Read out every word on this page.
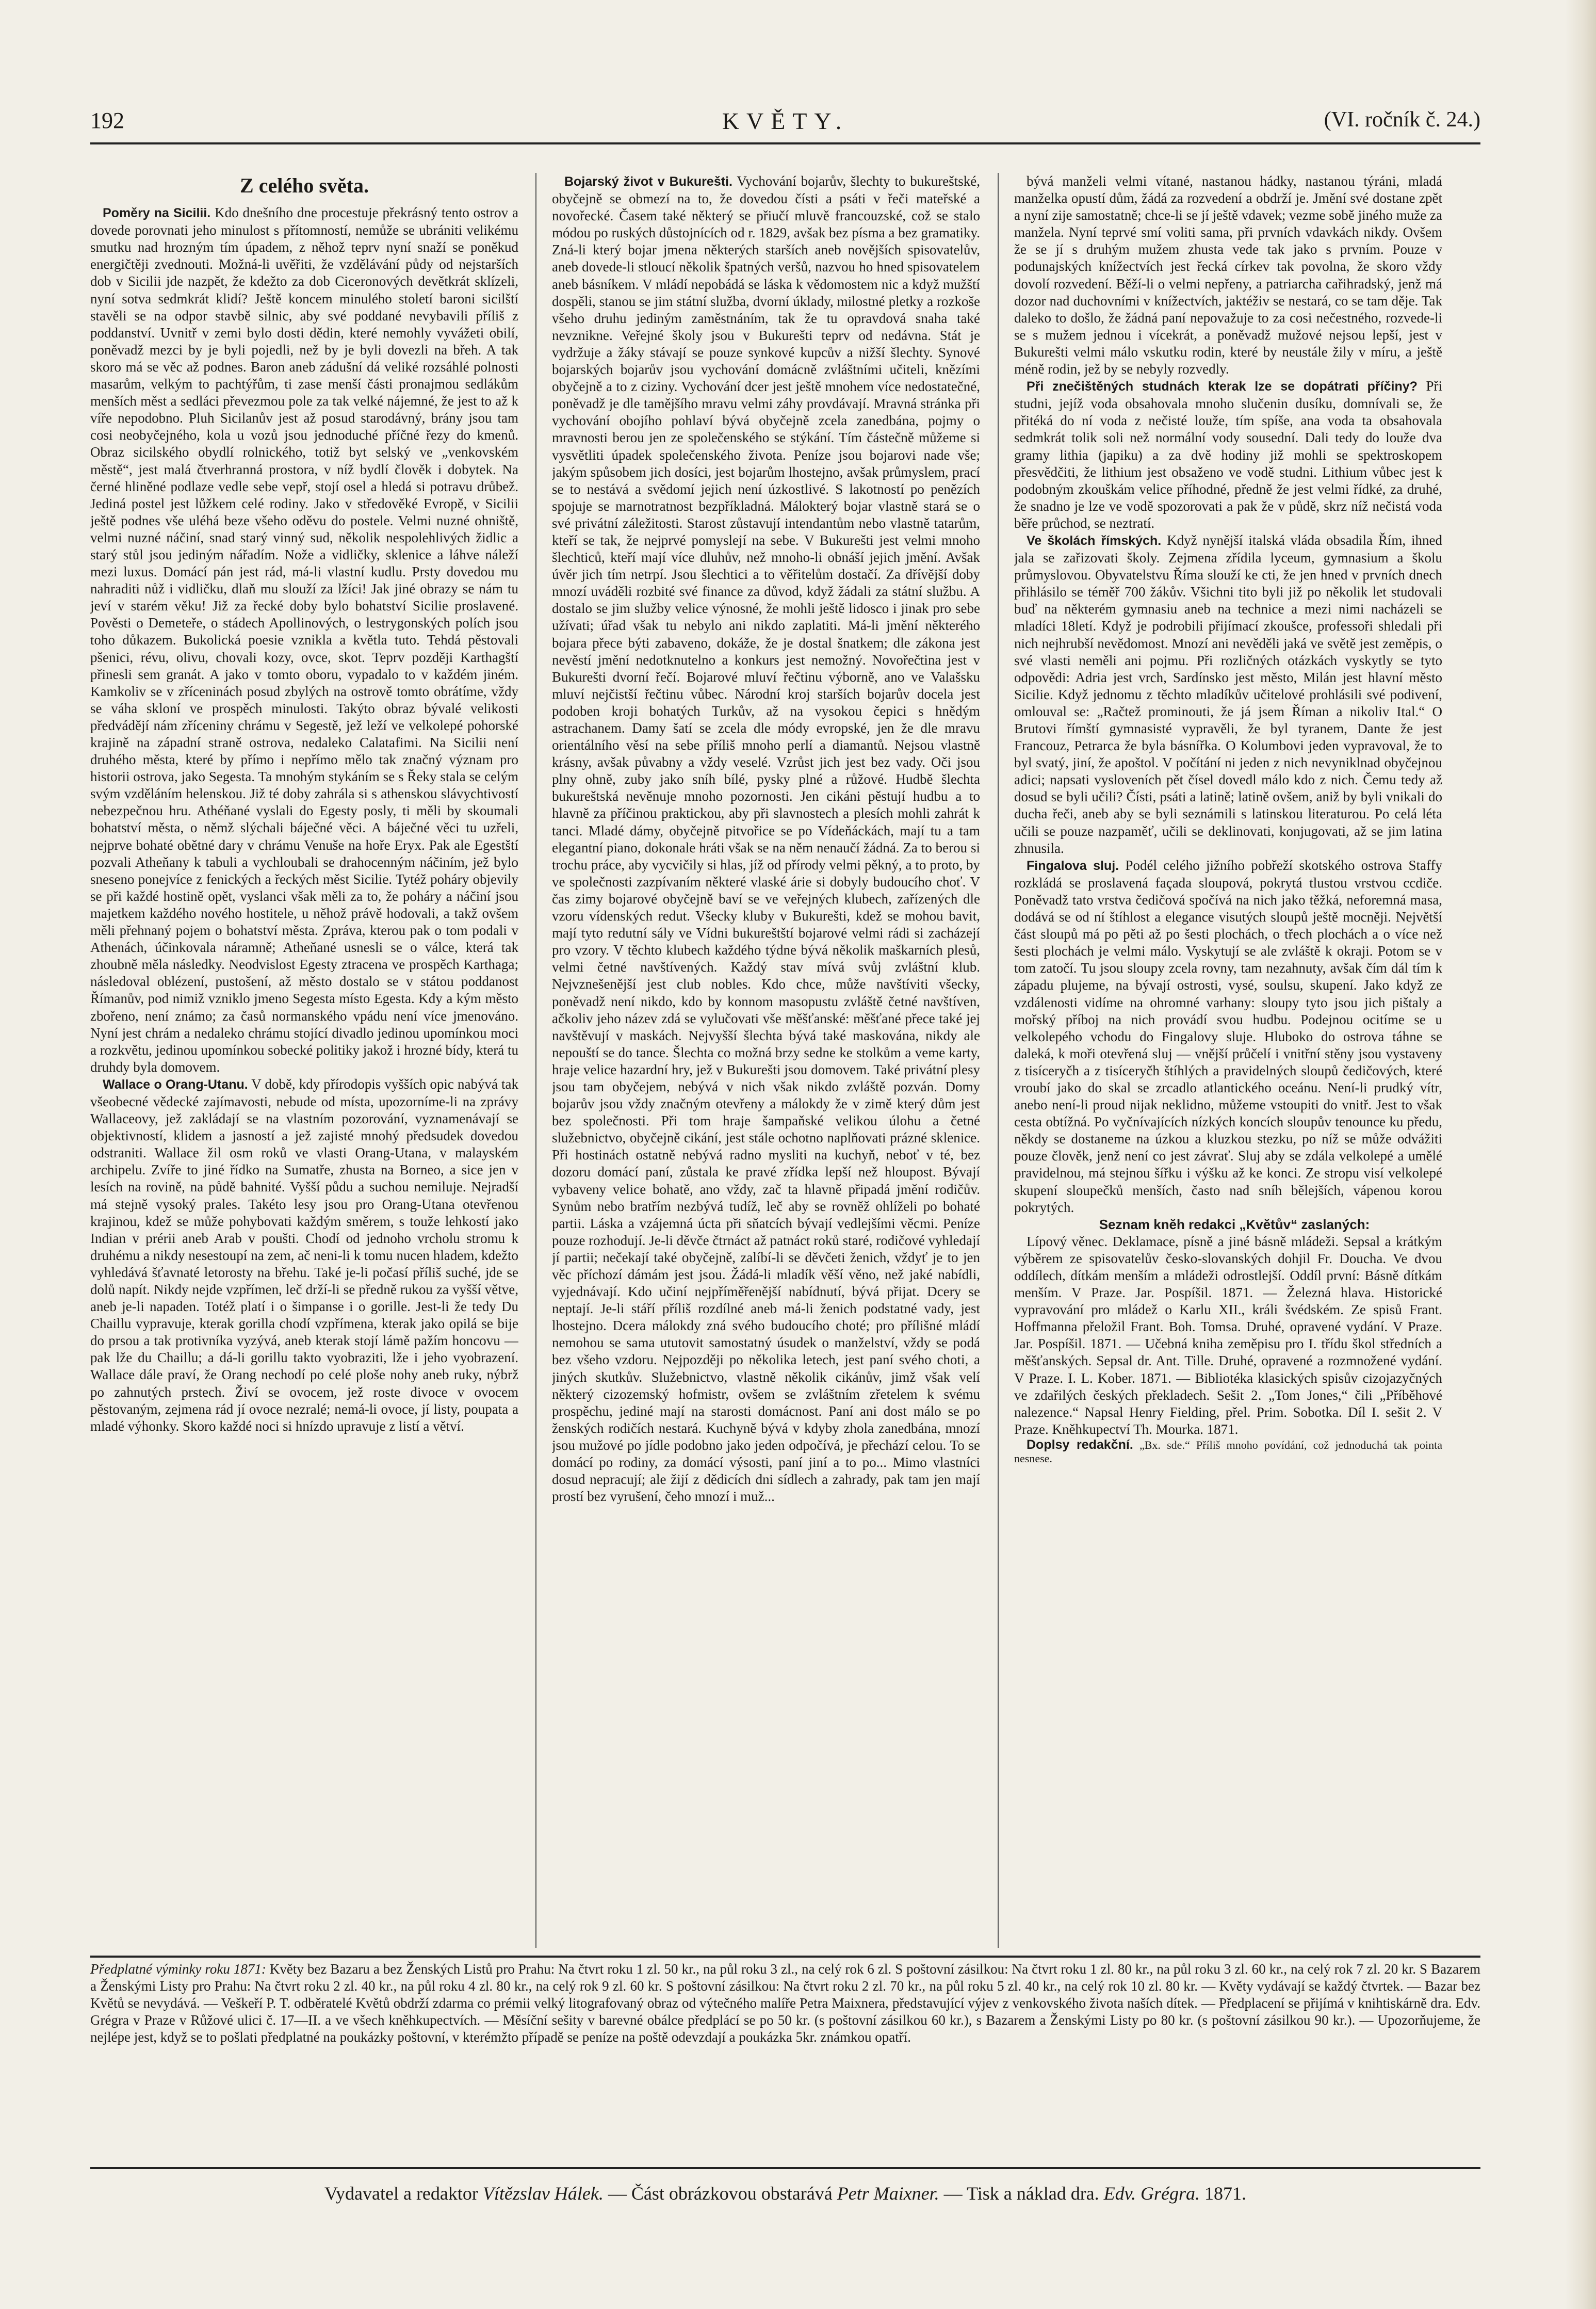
192	KVĚTY.	(VI. ročník č. 24.)

Z celého světa.

Poměry na Sicilii. Kdo dnešního dne procestuje překrásný tento ostrov a dovede porovnati jeho minulost s přítomností, nemůže se ubrániti velikému smutku nad hrozným tím úpadem, z něhož teprv nyní snaží se poněkud energičtěji zvednouti. Možná-li uvěřiti, že vzdělávání půdy od nejstarších dob v Sicilii jde nazpět, že kdežto za dob Ciceronových devětkrát sklízeli, nyní sotva sedmkrát klidí? Ještě koncem minulého století baroni sicilští stavěli se na odpor stavbě silnic, aby své poddané nevybavili příliš z poddanství. Uvnitř v zemi bylo dosti dědin, které nemohly vyvážeti obilí, poněvadž mezci by je byli pojedli, než by je byli dovezli na břeh. A tak skoro má se věc až podnes. Baron aneb zádušní dá veliké rozsáhlé polnosti masarům, velkým to pachtýřům, ti zase menší části pronajmou sedlákům menších měst a sedláci převezmou pole za tak velké nájemné, že jest to až k víře nepodobno. Pluh Sicilanův jest až posud starodávný, brány jsou tam cosi neobyčejného, kola u vozů jsou jednoduché příčné řezy do kmenů. Obraz sicilského obydlí rolnického, totiž byt selský ve „venkovském městě“, jest malá čtverhranná prostora, v níž bydlí člověk i dobytek. Na černé hliněné podlaze vedle sebe vepř, stojí osel a hledá si potravu drůbež. Jediná postel jest lůžkem celé rodiny. Jako v středověké Evropě, v Sicilii ještě podnes vše uléhá beze všeho oděvu do postele. Velmi nuzné ohniště, velmi nuzné náčiní, snad starý vinný sud, několik nespolehlivých židlic a starý stůl jsou jediným nářadím. Nože a vidličky, sklenice a láhve náleží mezi luxus. Domácí pán jest rád, má-li vlastní kudlu. Prsty dovedou mu nahraditi nůž i vidličku, dlaň mu slouží za lžíci! Jak jiné obrazy se nám tu jeví v starém věku! Již za řecké doby bylo bohatství Sicilie proslavené. Pověsti o Demeteře, o stádech Apollinových, o lestrygonských polích jsou toho důkazem. Bukolická poesie vznikla a květla tuto. Tehdá pěstovali pšenici, révu, olivu, chovali kozy, ovce, skot. Teprv později Karthagští přinesli sem granát. A jako v tomto oboru, vypadalo to v každém jiném. Kamkoliv se v zříceninách posud zbylých na ostrově tomto obrátíme, vždy se váha skloní ve prospěch minulosti. Takýto obraz bývalé velikosti předvádějí nám zříceniny chrámu v Segestě, jež leží ve velkolepé pohorské krajině na západní straně ostrova, nedaleko Calatafimi. Na Sicilii není druhého města, které by přímo i nepřímo mělo tak značný význam pro historii ostrova, jako Segesta. Ta mnohým stykáním se s Řeky stala se celým svým vzděláním helenskou. Již té doby zahrála si s athenskou slávychtivostí nebezpečnou hru. Athéňané vyslali do Egesty posly, ti měli by skoumali bohatství města, o němž slýchali báječné věci. A báječné věci tu uzřeli, nejprve bohaté obětné dary v chrámu Venuše na hoře Eryx. Pak ale Egestští pozvali Atheňany k tabuli a vychloubali se drahocenným náčiním, jež bylo sneseno ponejvíce z fenických a řeckých měst Sicilie. Tytéž poháry objevily se při každé hostině opět, vyslanci však měli za to, že poháry a náčiní jsou majetkem každého nového hostitele, u něhož právě hodovali, a takž ovšem měli přehnaný pojem o bohatství města. Zpráva, kterou pak o tom podali v Athenách, účinkovala náramně; Atheňané usnesli se o válce, která tak zhoubně měla následky. Neodvislost Egesty ztracena ve prospěch Karthaga; následoval oblézení, pustošení, až město dostalo se v státou poddanost Římanův, pod nimiž vzniklo jmeno Segesta místo Egesta. Kdy a kým město zbořeno, není známo; za časů normanského vpádu není více jmenováno. Nyní jest chrám a nedaleko chrámu stojící divadlo jedinou upomínkou moci a rozkvětu, jedinou upomínkou sobecké politiky jakož i hrozné bídy, která tu druhdy byla domovem.

Wallace o Orang-Utanu. V době, kdy přírodopis vyšších opic nabývá tak všeobecné vědecké zajímavosti, nebude od místa, upozorníme-li na zprávy Wallaceovy, jež zakládají se na vlastním pozorování, vyznamenávají se objektivností, klidem a jasností a jež zajisté mnohý předsudek dovedou odstraniti. Wallace žil osm roků ve vlasti Orang-Utana, v malayském archipelu. Zvíře to jiné řídko na Sumatře, zhusta na Borneo, a sice jen v lesích na rovině, na půdě bahnité. Vyšší půdu a suchou nemiluje. Nejradší má stejně vysoký prales. Takéto lesy jsou pro Orang-Utana otevřenou krajinou, kdež se může pohybovati každým směrem, s touže lehkostí jako Indian v prérii aneb Arab v poušti. Chodí od jednoho vrcholu stromu k druhému a nikdy nesestoupí na zem, ač neni-li k tomu nucen hladem, kdežto vyhledává šťavnaté letorosty na břehu. Také je-li počasí příliš suché, jde se dolů napít. Nikdy nejde vzpřímen, leč drží-li se předně rukou za vyšší větve, aneb je-li napaden. Totéž platí i o šimpanse i o gorille. Jest-li že tedy Du Chaillu vypravuje, kterak gorilla chodí vzpřímena, kterak jako opilá se bije do prsou a tak protivníka vyzývá, aneb kterak stojí lámě pažím honcovu — pak lže du Chaillu; a dá-li gorillu takto vyobraziti, lže i jeho vyobrazení. Wallace dále praví, že Orang nechodí po celé ploše nohy aneb ruky, nýbrž po zahnutých prstech. Živí se ovocem, jež roste divoce v ovocem pěstovaným, zejmena rád jí ovoce nezralé; nemá-li ovoce, jí listy, poupata a mladé výhonky. Skoro každé noci si hnízdo upravuje z listí a větví.

Bojarský život v Bukurešti. Vychování bojarův, šlechty to bukureštské, obyčejně se obmezí na to, že dovedou čísti a psáti v řeči mateřské a novořecké. Časem také některý se přiučí mluvě francouzské, což se stalo módou po ruských důstojnících od r. 1829, avšak bez písma a bez gramatiky. Zná-li který bojar jmena některých starších aneb novějších spisovatelův, aneb dovede-li stloucí několik špatných veršů, nazvou ho hned spisovatelem aneb básníkem. V mládí nepobádá se láska k vědomostem nic a když mužští dospěli, stanou se jim státní služba, dvorní úklady, milostné pletky a rozkoše všeho druhu jediným zaměstnáním, tak že tu opravdová snaha také nevznikne. Veřejné školy jsou v Bukurešti teprv od nedávna. Stát je vydržuje a žáky stávají se pouze synkové kupcův a nižší šlechty. Synové bojarských bojarův jsou vychování domácně zvláštními učiteli, knězími obyčejně a to z ciziny. Vychování dcer jest ještě mnohem více nedostatečné, poněvadž je dle tamějšího mravu velmi záhy provdávají. Mravná stránka při vychování obojího pohlaví bývá obyčejně zcela zanedbána, pojmy o mravnosti berou jen ze společenského se stýkání. Tím částečně můžeme si vysvětliti úpadek společenského života. Peníze jsou bojarovi nade vše; jakým spůsobem jich dosíci, jest bojarům lhostejno, avšak průmyslem, prací se to nestává a svědomí jejich není úzkostlivé. S lakotností po penězích spojuje se marnotratnost bezpříkladná. Málokterý bojar vlastně stará se o své privátní záležitosti. Starost zůstavují intendantům nebo vlastně tatarům, kteří se tak, že nejprvé pomyslejí na sebe. V Bukurešti jest velmi mnoho šlechticů, kteří mají více dluhův, než mnoho-li obnáší jejich jmění. Avšak úvěr jich tím netrpí. Jsou šlechtici a to věřitelům dostačí. Za dřívější doby mnozí uváděli rozbité své finance za důvod, když žádali za státní službu. A dostalo se jim služby velice výnosné, že mohli ještě lidosco i jinak pro sebe užívati; úřad však tu nebylo ani nikdo zaplatiti. Má-li jmění některého bojara přece býti zabaveno, dokáže, že je dostal šnatkem; dle zákona jest nevěstí jmění nedotknutelno a konkurs jest nemožný. Novořečtina jest v Bukurešti dvorní řečí. Bojarové mluví řečtinu výborně, ano ve Valašsku mluví nejčistší řečtinu vůbec. Národní kroj starších bojarův docela jest podoben kroji bohatých Turkův, až na vysokou čepici s hnědým astrachanem. Damy šatí se zcela dle módy evropské, jen že dle mravu orientálního věsí na sebe příliš mnoho perlí a diamantů. Nejsou vlastně krásny, avšak půvabny a vždy veselé. Vzrůst jich jest bez vady. Oči jsou plny ohně, zuby jako sníh bílé, pysky plné a růžové. Hudbě šlechta bukureštská nevěnuje mnoho pozornosti. Jen cikáni pěstují hudbu a to hlavně za příčinou praktickou, aby při slavnostech a plesích mohli zahrát k tanci. Mladé dámy, obyčejně pitvořice se po Vídeňáckách, mají tu a tam elegantní piano, dokonale hráti však se na něm nenaučí žádná. Za to berou si trochu práce, aby vycvičily si hlas, jíž od přírody velmi pěkný, a to proto, by ve společnosti zazpívaním některé vlaské árie si dobyly budoucího choť. V čas zimy bojarové obyčejně baví se ve veřejných klubech, zařízených dle vzoru vídenských redut. Všecky kluby v Bukurešti, kdež se mohou bavit, mají tyto redutní sály ve Vídni bukureštští bojarové velmi rádi si zacházejí pro vzory. V těchto klubech každého týdne bývá několik maškarních plesů, velmi četné navštívených. Každý stav mívá svůj zvláštní klub. Nejvznešenější jest club nobles. Kdo chce, může navštíviti všecky, poněvadž není nikdo, kdo by konnom masopustu zvláště četné navštíven, ačkoliv jeho název zdá se vylučovati vše měšťanské: měšťané přece také jej navštěvují v maskách. Nejvyšší šlechta bývá také maskována, nikdy ale nepouští se do tance. Šlechta co možná brzy sedne ke stolkům a veme karty, hraje velice hazardní hry, jež v Bukurešti jsou domovem. Také privátní plesy jsou tam obyčejem, nebývá v nich však nikdo zvláště pozván. Domy bojarův jsou vždy značným otevřeny a málokdy že v zimě který dům jest bez společnosti. Při tom hraje šampaňské velikou úlohu a četné služebnictvo, obyčejně cikání, jest stále ochotno naplňovati prázné sklenice. Při hostinách ostatně nebývá radno mysliti na kuchyň, neboť v té, bez dozoru domácí paní, zůstala ke pravé zřídka lepší než hloupost. Bývají vybaveny velice bohatě, ano vždy, zač ta hlavně připadá jmění rodičův. Synům nebo bratřím nezbývá tudíž, leč aby se rovněž ohlíželi po bohaté partii. Láska a vzájemná úcta při sňatcích bývají vedlejšími věcmi. Peníze pouze rozhodují. Je-li děvče čtrnáct až patnáct roků staré, rodičové vyhledají jí partii; nečekají také obyčejně, zalíbí-li se děvčeti ženich, vždyť je to jen věc příchozí dámám jest jsou. Žádá-li mladík věší věno, než jaké nabídli, vyjednávají. Kdo učiní nejpříměřenější nabídnutí, bývá přijat. Dcery se neptají. Je-li stáří příliš rozdílné aneb má-li ženich podstatné vady, jest lhostejno. Dcera málokdy zná svého budoucího choté; pro přílišné mládí nemohou se sama ututovit samostatný úsudek o manželství, vždy se podá bez všeho vzdoru. Nejpozději po několika letech, jest paní svého choti, a jiných skutkův. Služebnictvo, vlastně několik cikánův, jimž však velí některý cizozemský hofmistr, ovšem se zvláštním zřetelem k svému prospěchu, jediné mají na starosti domácnost. Paní ani dost málo se po ženských rodičích nestará. Kuchyně bývá v kdyby zhola zanedbána, mnozí jsou mužové po jídle podobno jako jeden odpočívá, je přechází celou. To se domácí po rodiny, za domácí výsosti, paní jiní a to po... Mimo vlastníci dosud nepracují; ale žijí z dědicích dni sídlech a zahrady, pak tam jen mají prostí bez vyrušení, čeho mnozí i muž...

bývá manželi velmi vítané, nastanou hádky, nastanou týráni, mladá manželka opustí dům, žádá za rozvedení a obdrží je. Jmění své dostane zpět a nyní zije samostatně; chce-li se jí ještě vdavek; vezme sobě jiného muže za manžela. Nyní teprvé smí voliti sama, při prvních vdavkách nikdy. Ovšem že se jí s druhým mužem zhusta vede tak jako s prvním. Pouze v podunajských knížectvích jest řecká církev tak povolna, že skoro vždy dovolí rozvedení. Běží-li o velmi nepřeny, a patriarcha cařihradský, jenž má dozor nad duchovními v knížectvích, jaktéživ se nestará, co se tam děje. Tak daleko to došlo, že žádná paní nepovažuje to za cosi nečestného, rozvede-li se s mužem jednou i vícekrát, a poněvadž mužové nejsou lepší, jest v Bukurešti velmi málo vskutku rodin, které by neustále žily v míru, a ještě méně rodin, jež by se nebyly rozvedly.

Při znečištěných studnách kterak lze se dopátrati příčiny? Při studni, jejíž voda obsahovala mnoho slučenin dusíku, domnívali se, že přitéká do ní voda z nečisté louže, tím spíše, ana voda ta obsahovala sedmkrát tolik soli než normální vody sousední. Dali tedy do louže dva gramy lithia (japiku) a za dvě hodiny již mohli se spektroskopem přesvědčiti, že lithium jest obsaženo ve vodě studni. Lithium vůbec jest k podobným zkouškám velice příhodné, předně že jest velmi řídké, za druhé, že snadno je lze ve vodě spozorovati a pak že v půdě, skrz níž nečistá voda běře průchod, se neztratí.

Ve školách římských. Když nynější italská vláda obsadila Řím, ihned jala se zařizovati školy. Zejmena zřídila lyceum, gymnasium a školu průmyslovou. Obyvatelstvu Říma slouží ke cti, že jen hned v prvních dnech přihlásilo se téměř 700 žákův. Všichni tito byli již po několik let studovali buď na některém gymnasiu aneb na technice a mezi nimi nacházeli se mladíci 18letí. Když je podrobili přijímací zkoušce, professoři shledali při nich nejhrubší nevědomost. Mnozí ani nevěděli jaká ve světě jest zeměpis, o své vlasti neměli ani pojmu. Při rozličných otázkách vyskytly se tyto odpovědi: Adria jest vrch, Sardínsko jest město, Milán jest hlavní město Sicilie. Když jednomu z těchto mladíkův učitelové prohlásili své podivení, omlouval se: „Račtež prominouti, že já jsem Říman a nikoliv Ital.“ O Brutovi římští gymnasisté vypravěli, že byl tyranem, Dante že jest Francouz, Petrarca že byla básnířka. O Kolumbovi jeden vypravoval, že to byl svatý, jiní, že apoštol. V počítání ni jeden z nich nevyniklnad obyčejnou adici; napsati vysloveních pět čísel dovedl málo kdo z nich. Čemu tedy až dosud se byli učili? Čísti, psáti a latině; latině ovšem, aniž by byli vnikali do ducha řeči, aneb aby se byli seznámili s latinskou literaturou. Po celá léta učili se pouze nazpaměť, učili se deklinovati, konjugovati, až se jim latina zhnusila.

Fingalova sluj. Podél celého jižního pobřeží skotského ostrova Staffy rozkládá se proslavená façada sloupová, pokrytá tlustou vrstvou ccdiče. Poněvadž tato vrstva čedičová spočívá na nich jako těžká, neforemná masa, dodává se od ní štíhlost a elegance visutých sloupů ještě mocněji. Největší část sloupů má po pěti až po šesti plochách, o třech plochách a o více než šesti plochách je velmi málo. Vyskytují se ale zvláště k okraji. Potom se v tom zatočí. Tu jsou sloupy zcela rovny, tam nezahnuty, avšak čím dál tím k západu plujeme, na bývají ostrosti, vysé, soulsu, skupení. Jako když ze vzdálenosti vidíme na ohromné varhany: sloupy tyto jsou jich pištaly a mořský příboj na nich provádí svou hudbu. Podejnou ocitíme se u velkolepého vchodu do Fingalovy sluje. Hluboko do ostrova táhne se daleká, k moři otevřená sluj — vnější průčelí i vnitřní stěny jsou vystaveny z tisíceryčh a z tisíceryčh štíhlých a pravidelných sloupů čedičových, které vroubí jako do skal se zrcadlo atlantického oceánu. Není-li prudký vítr, anebo není-li proud nijak neklidno, můžeme vstoupiti do vnitř. Jest to však cesta obtížná. Po vyčnívajících nízkých koncích sloupův tenounce ku předu, někdy se dostaneme na úzkou a kluzkou stezku, po níž se může odvážiti pouze člověk, jenž není co jest závrať. Sluj aby se zdála velkolepé a umělé pravidelnou, má stejnou šířku i výšku až ke konci. Ze stropu visí velkolepé skupení sloupečků menších, často nad sníh bělejších, vápenou korou pokrytých.

Seznam kněh redakci „Květův“ zaslaných:

Lípový věnec. Deklamace, písně a jiné básně mládeži. Sepsal a krátkým výběrem ze spisovatelův česko-slovanských dohjil Fr. Doucha. Ve dvou oddílech, dítkám menším a mládeži odrostlejší. Oddíl první: Básně dítkám menším. V Praze. Jar. Pospíšil. 1871. — Železná hlava. Historické vypravování pro mládež o Karlu XII., králi švédském. Ze spisů Frant. Hoffmanna přeložil Frant. Boh. Tomsa. Druhé, opravené vydání. V Praze. Jar. Pospíšil. 1871. — Učebná kniha zeměpisu pro I. třídu škol středních a měšťanských. Sepsal dr. Ant. Tille. Druhé, opravené a rozmnožené vydání. V Praze. I. L. Kober. 1871. — Bibliotéka klasických spisův cizojazyčných ve zdařilých českých překladech. Sešit 2. „Tom Jones,“ čili „Příběhové nalezence.“ Napsal Henry Fielding, přel. Prim. Sobotka. Díl I. sešit 2. V Praze. Kněhkupectví Th. Mourka. 1871.

Doplsy redakční. „Bx. sde.“ Příliš mnoho povídání, což jednoduchá tak pointa nesnese.

Předplatné výminky roku 1871: Květy bez Bazaru a bez Ženských Listů pro Prahu: Na čtvrt roku 1 zl. 50 kr., na půl roku 3 zl., na celý rok 6 zl. S poštovní zásilkou: Na čtvrt roku 1 zl. 80 kr., na půl roku 3 zl. 60 kr., na celý rok 7 zl. 20 kr. S Bazarem a Ženskými Listy pro Prahu: Na čtvrt roku 2 zl. 40 kr., na půl roku 4 zl. 80 kr., na celý rok 9 zl. 60 kr. S poštovní zásilkou: Na čtvrt roku 2 zl. 70 kr., na půl roku 5 zl. 40 kr., na celý rok 10 zl. 80 kr. — Květy vydávají se každý čtvrtek. — Bazar bez Květů se nevydává. — Veškeří P. T. odběratelé Květů obdrží zdarma co prémii velký litografovaný obraz od výtečného malíře Petra Maixnera, představující výjev z venkovského života naších dítek. — Předplacení se přijímá v knihtiskárně dra. Edv. Grégra v Praze v Růžové ulici č. 17—II. a ve všech kněhkupectvích. — Měsíční sešity v barevné obálce předplácí se po 50 kr. (s poštovní zásilkou 60 kr.), s Bazarem a Ženskými Listy po 80 kr. (s poštovní zásilkou 90 kr.). — Upozorňujeme, že nejlépe jest, když se to pošlati předplatné na poukázky poštovní, v kterémžto případě se peníze na poště odevzdají a poukázka 5kr. známkou opatří.
Vydavatel a redaktor Vítězslav Hálek. — Část obrázkovou obstarává Petr Maixner. — Tisk a náklad dra. Edv. Grégra. 1871.
